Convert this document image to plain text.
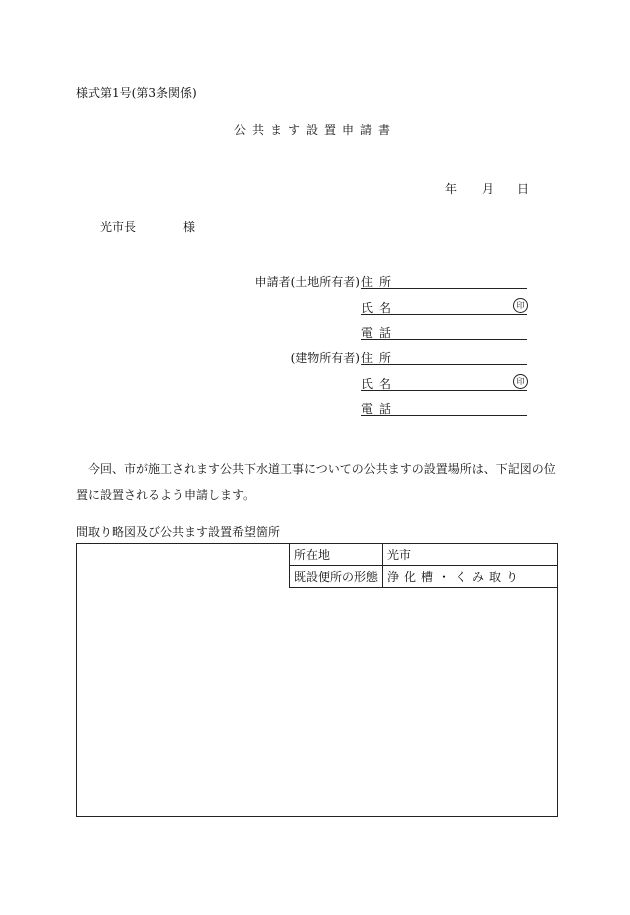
様式第1号(第3条関係)
公共ます設置申請書
年 月 日
光市長	様
申請者(土地所有者) 住所
氏名	印
電話
(建物所有者) 住所
氏名	印
電話
今回、市が施工されます公共下水道工事についての公共ますの設置場所は、下記図の位置に設置されるよう申請します。
間取り略図及び公共ます設置希望箇所
所在地	光市
既設便所の形態	浄化槽・くみ取り
